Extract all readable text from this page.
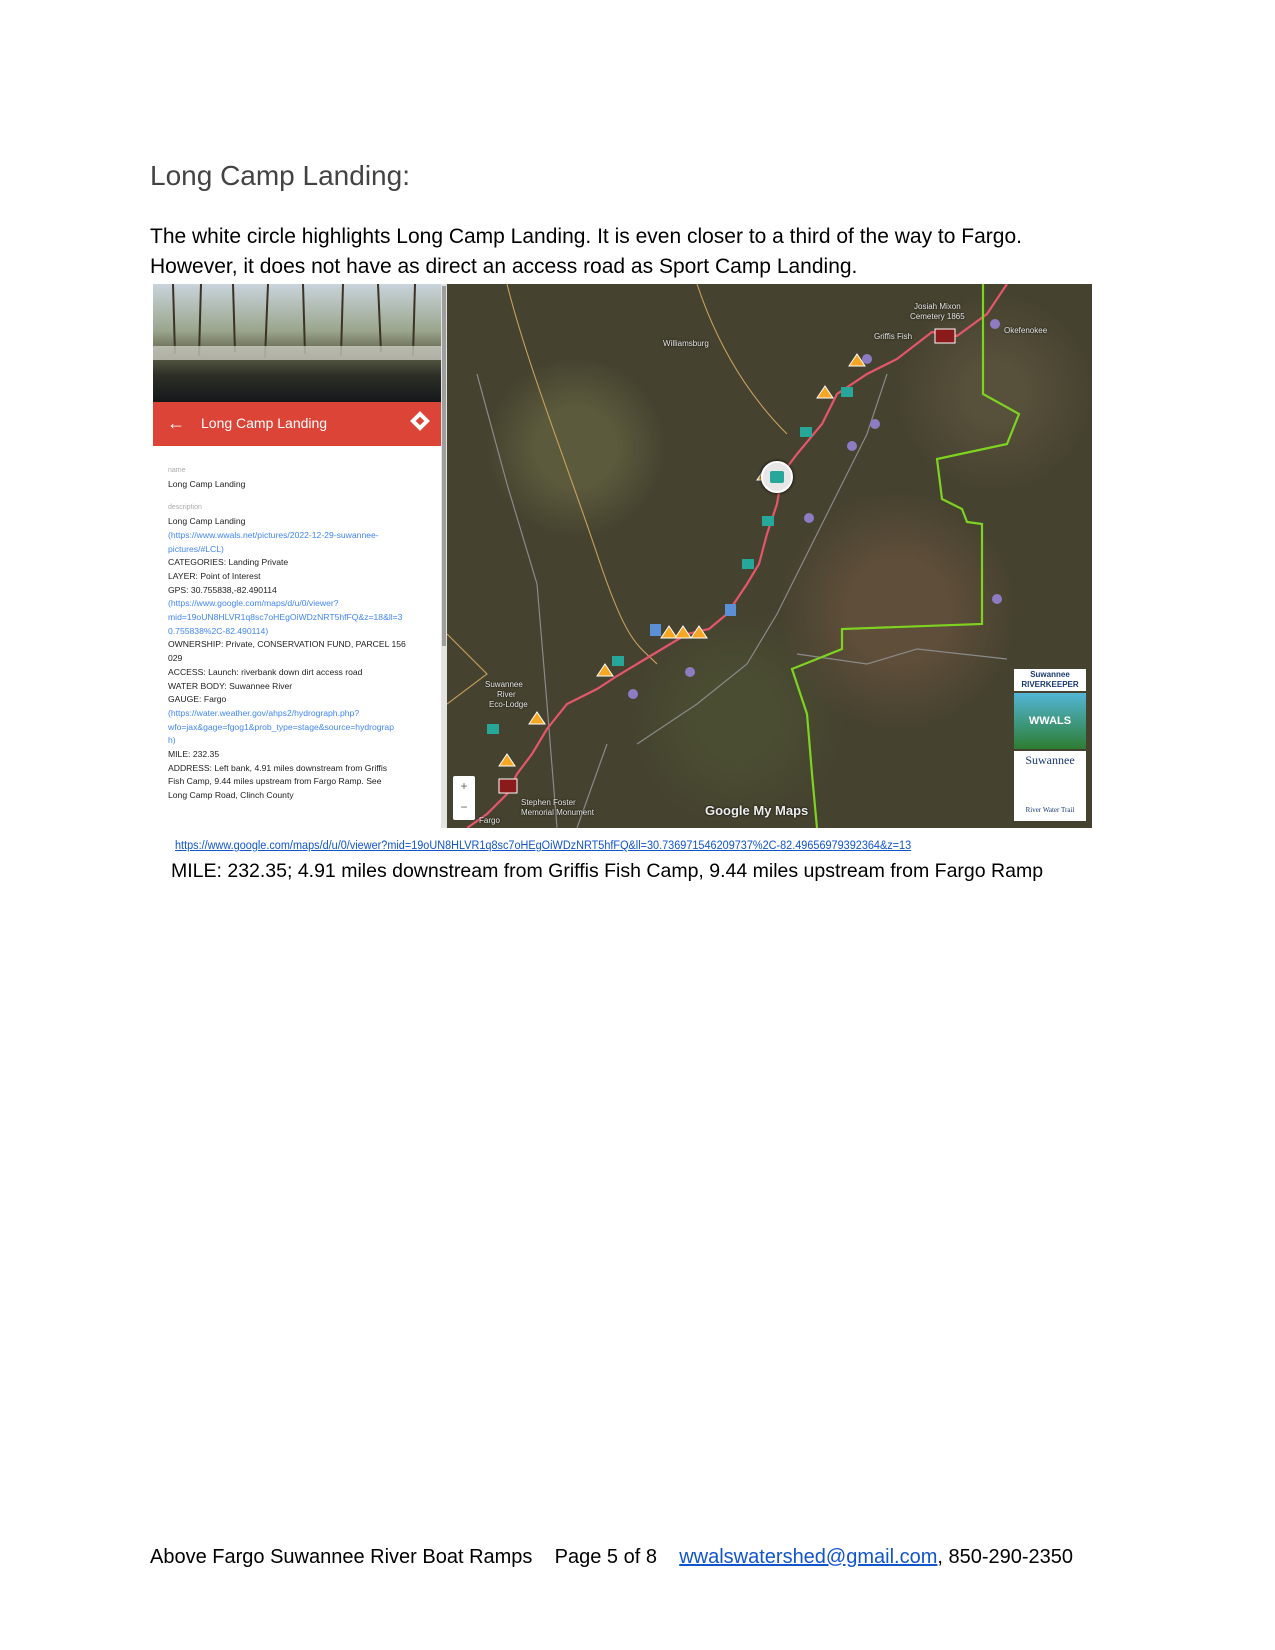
Long Camp Landing:

The white circle highlights Long Camp Landing. It is even closer to a third of the way to Fargo.
However, it does not have as direct an access road as Sport Camp Landing.

← Long Camp Landing
name
Long Camp Landing
description
Long Camp Landing
(https://www.wwals.net/pictures/2022-12-29-suwannee-
pictures/#LCL)
CATEGORIES: Landing Private
LAYER: Point of Interest
GPS: 30.755838,-82.490114
(https://www.google.com/maps/d/u/0/viewer?
mid=19oUN8HLVR1q8sc7oHEgOiWDzNRT5hfFQ&z=18&ll=3
0.755838%2C-82.490114)
OWNERSHIP: Private, CONSERVATION FUND, PARCEL 156
029
ACCESS: Launch: riverbank down dirt access road
WATER BODY: Suwannee River
GAUGE: Fargo
(https://water.weather.gov/ahps2/hydrograph.php?
wfo=jax&gage=fgog1&prob_type=stage&source=hydrograp
h)
MILE: 232.35
ADDRESS: Left bank, 4.91 miles downstream from Griffis
Fish Camp, 9.44 miles upstream from Fargo Ramp. See
Long Camp Road, Clinch County
Williamsburg
Josiah Mixon
Cemetery 1865
Griffis Fish
Okefenokee
Suwannee
River
Eco-Lodge
Stephen Foster
Memorial Monument
Fargo
+
−	Google My Maps
Suwannee
RIVERKEEPER
WWALS
Suwannee
River Water Trail
https://www.google.com/maps/d/u/0/viewer?mid=19oUN8HLVR1q8sc7oHEgOiWDzNRT5hfFQ&ll=30.736971546209737%2C-82.49656979392364&z=13
MILE: 232.35; 4.91 miles downstream from Griffis Fish Camp, 9.44 miles upstream from Fargo Ramp
Above Fargo Suwannee River Boat Ramps Page 5 of 8 wwalswatershed@gmail.com, 850-290-2350
